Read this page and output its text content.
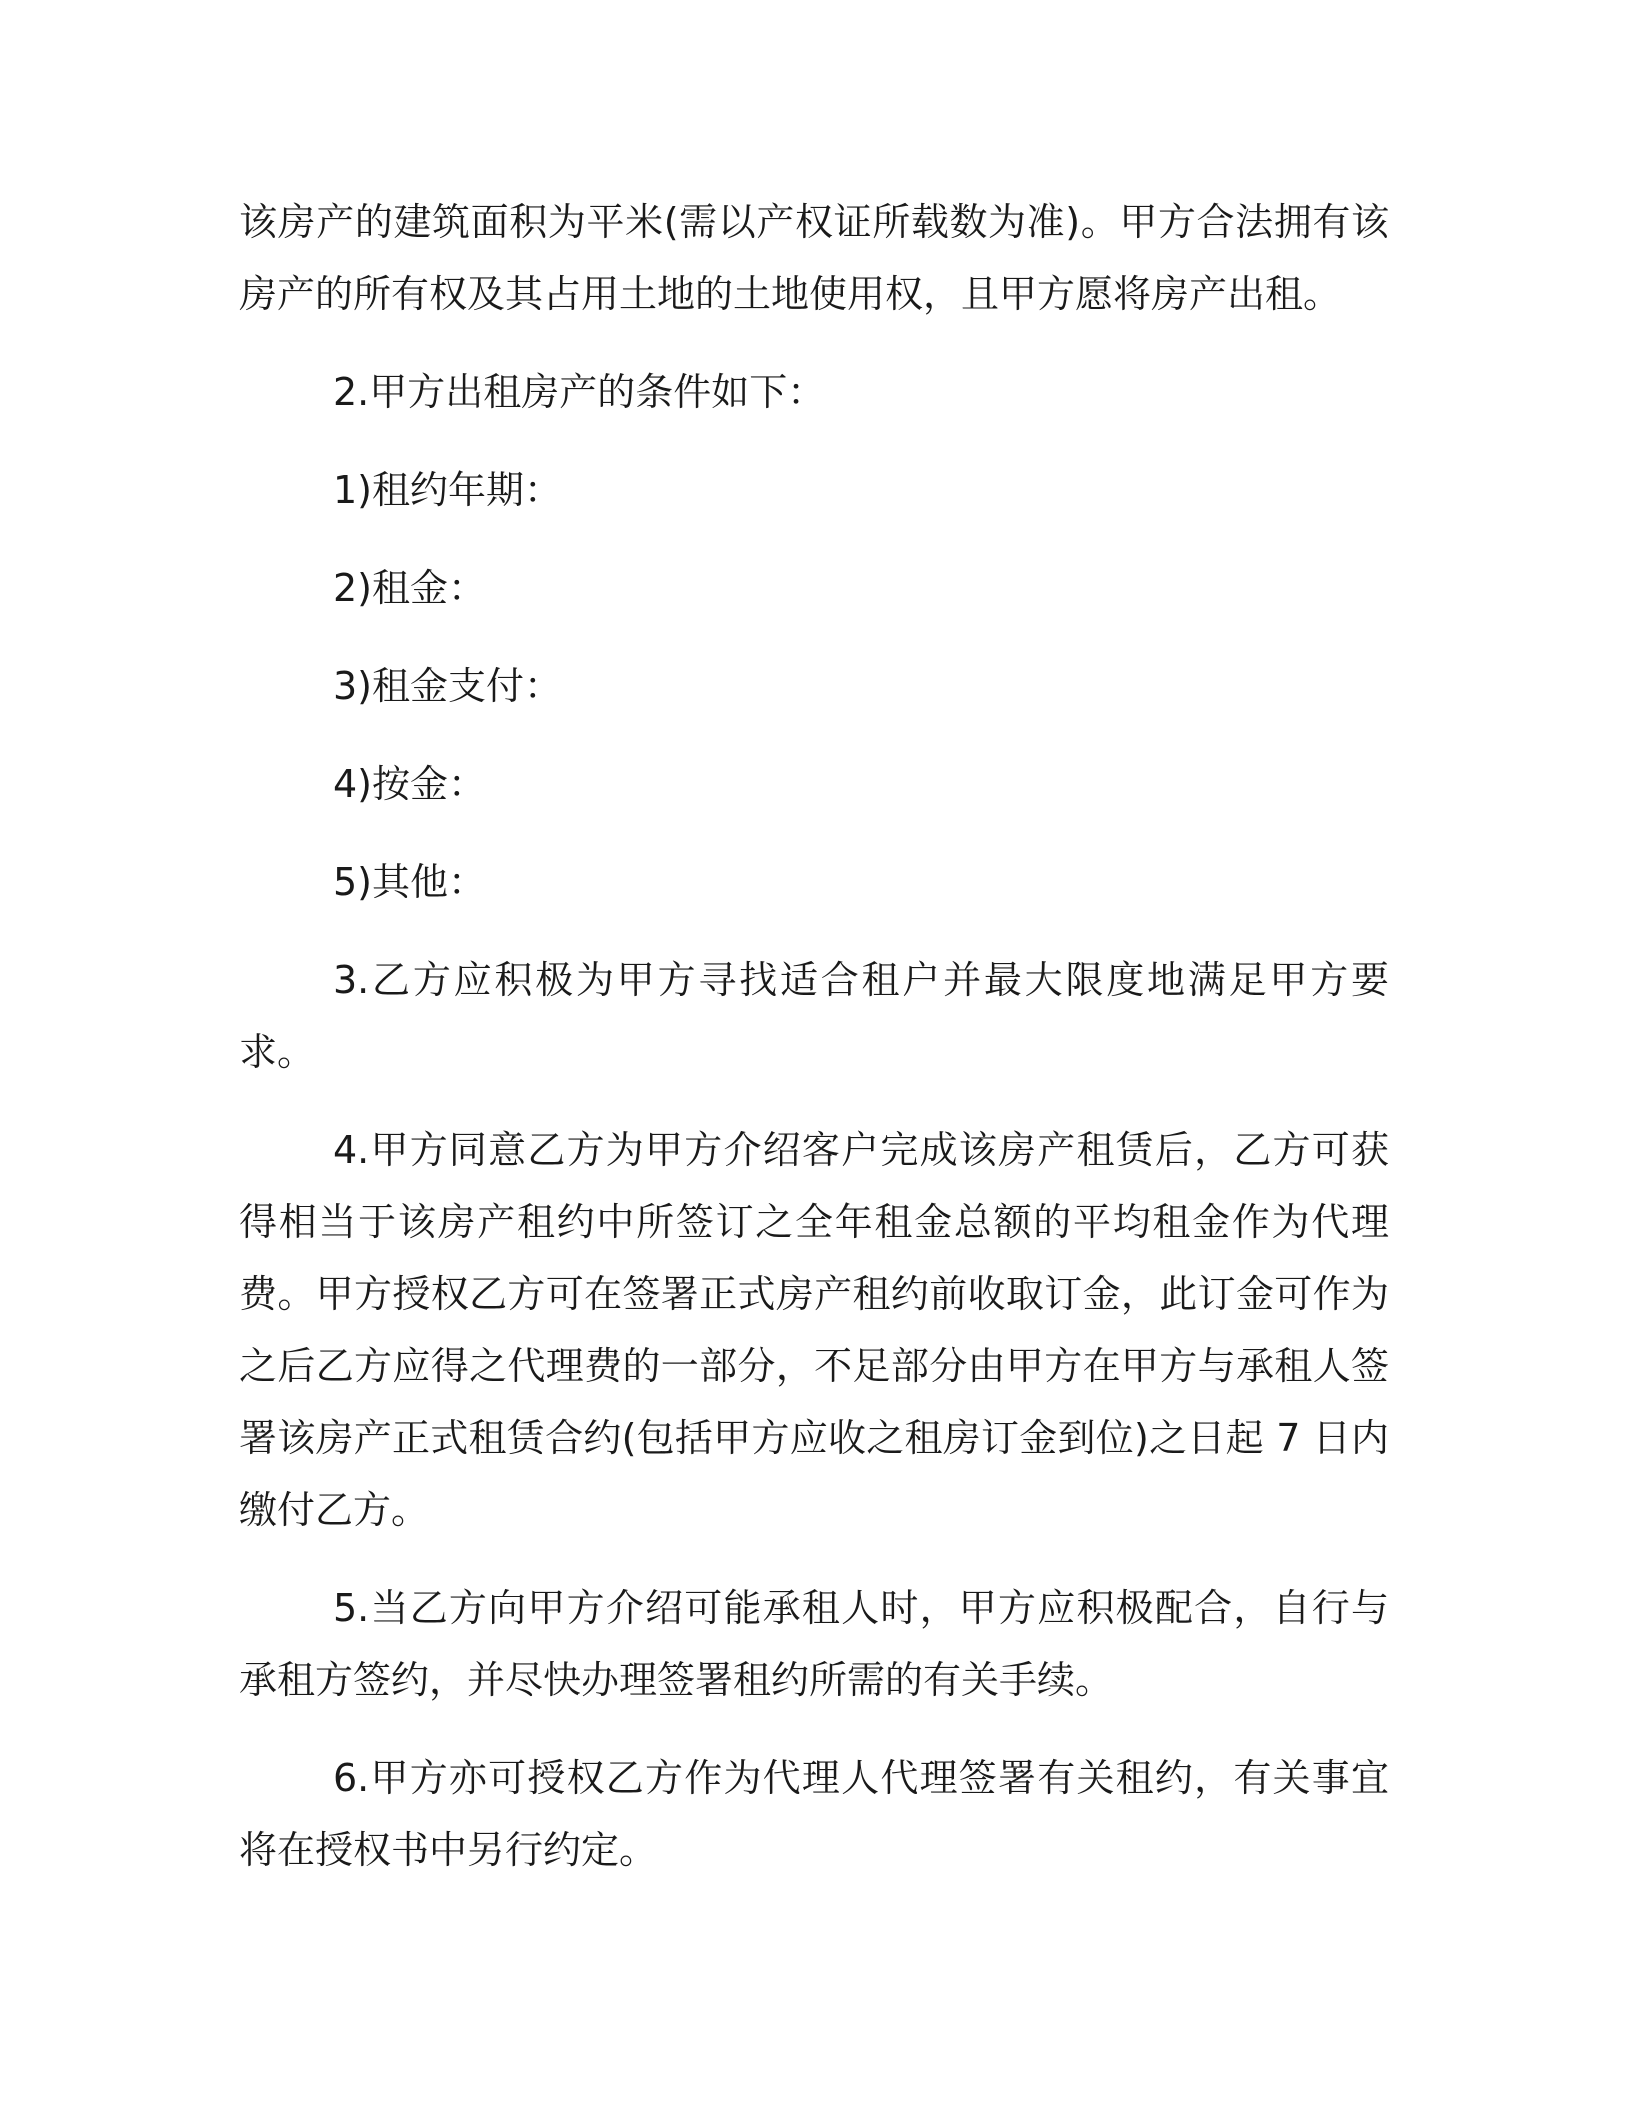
该房产的建筑面积为平米(需以产权证所载数为准)。甲方合法拥有该房产的所有权及其占用土地的土地使用权，且甲方愿将房产出租。

2.甲方出租房产的条件如下：

1)租约年期：

2)租金：

3)租金支付：

4)按金：

5)其他：

3.乙方应积极为甲方寻找适合租户并最大限度地满足甲方要求。

4.甲方同意乙方为甲方介绍客户完成该房产租赁后，乙方可获得相当于该房产租约中所签订之全年租金总额的平均租金作为代理费。甲方授权乙方可在签署正式房产租约前收取订金，此订金可作为之后乙方应得之代理费的一部分，不足部分由甲方在甲方与承租人签署该房产正式租赁合约(包括甲方应收之租房订金到位)之日起 7 日内缴付乙方。

5.当乙方向甲方介绍可能承租人时，甲方应积极配合，自行与承租方签约，并尽快办理签署租约所需的有关手续。

6.甲方亦可授权乙方作为代理人代理签署有关租约，有关事宜将在授权书中另行约定。
